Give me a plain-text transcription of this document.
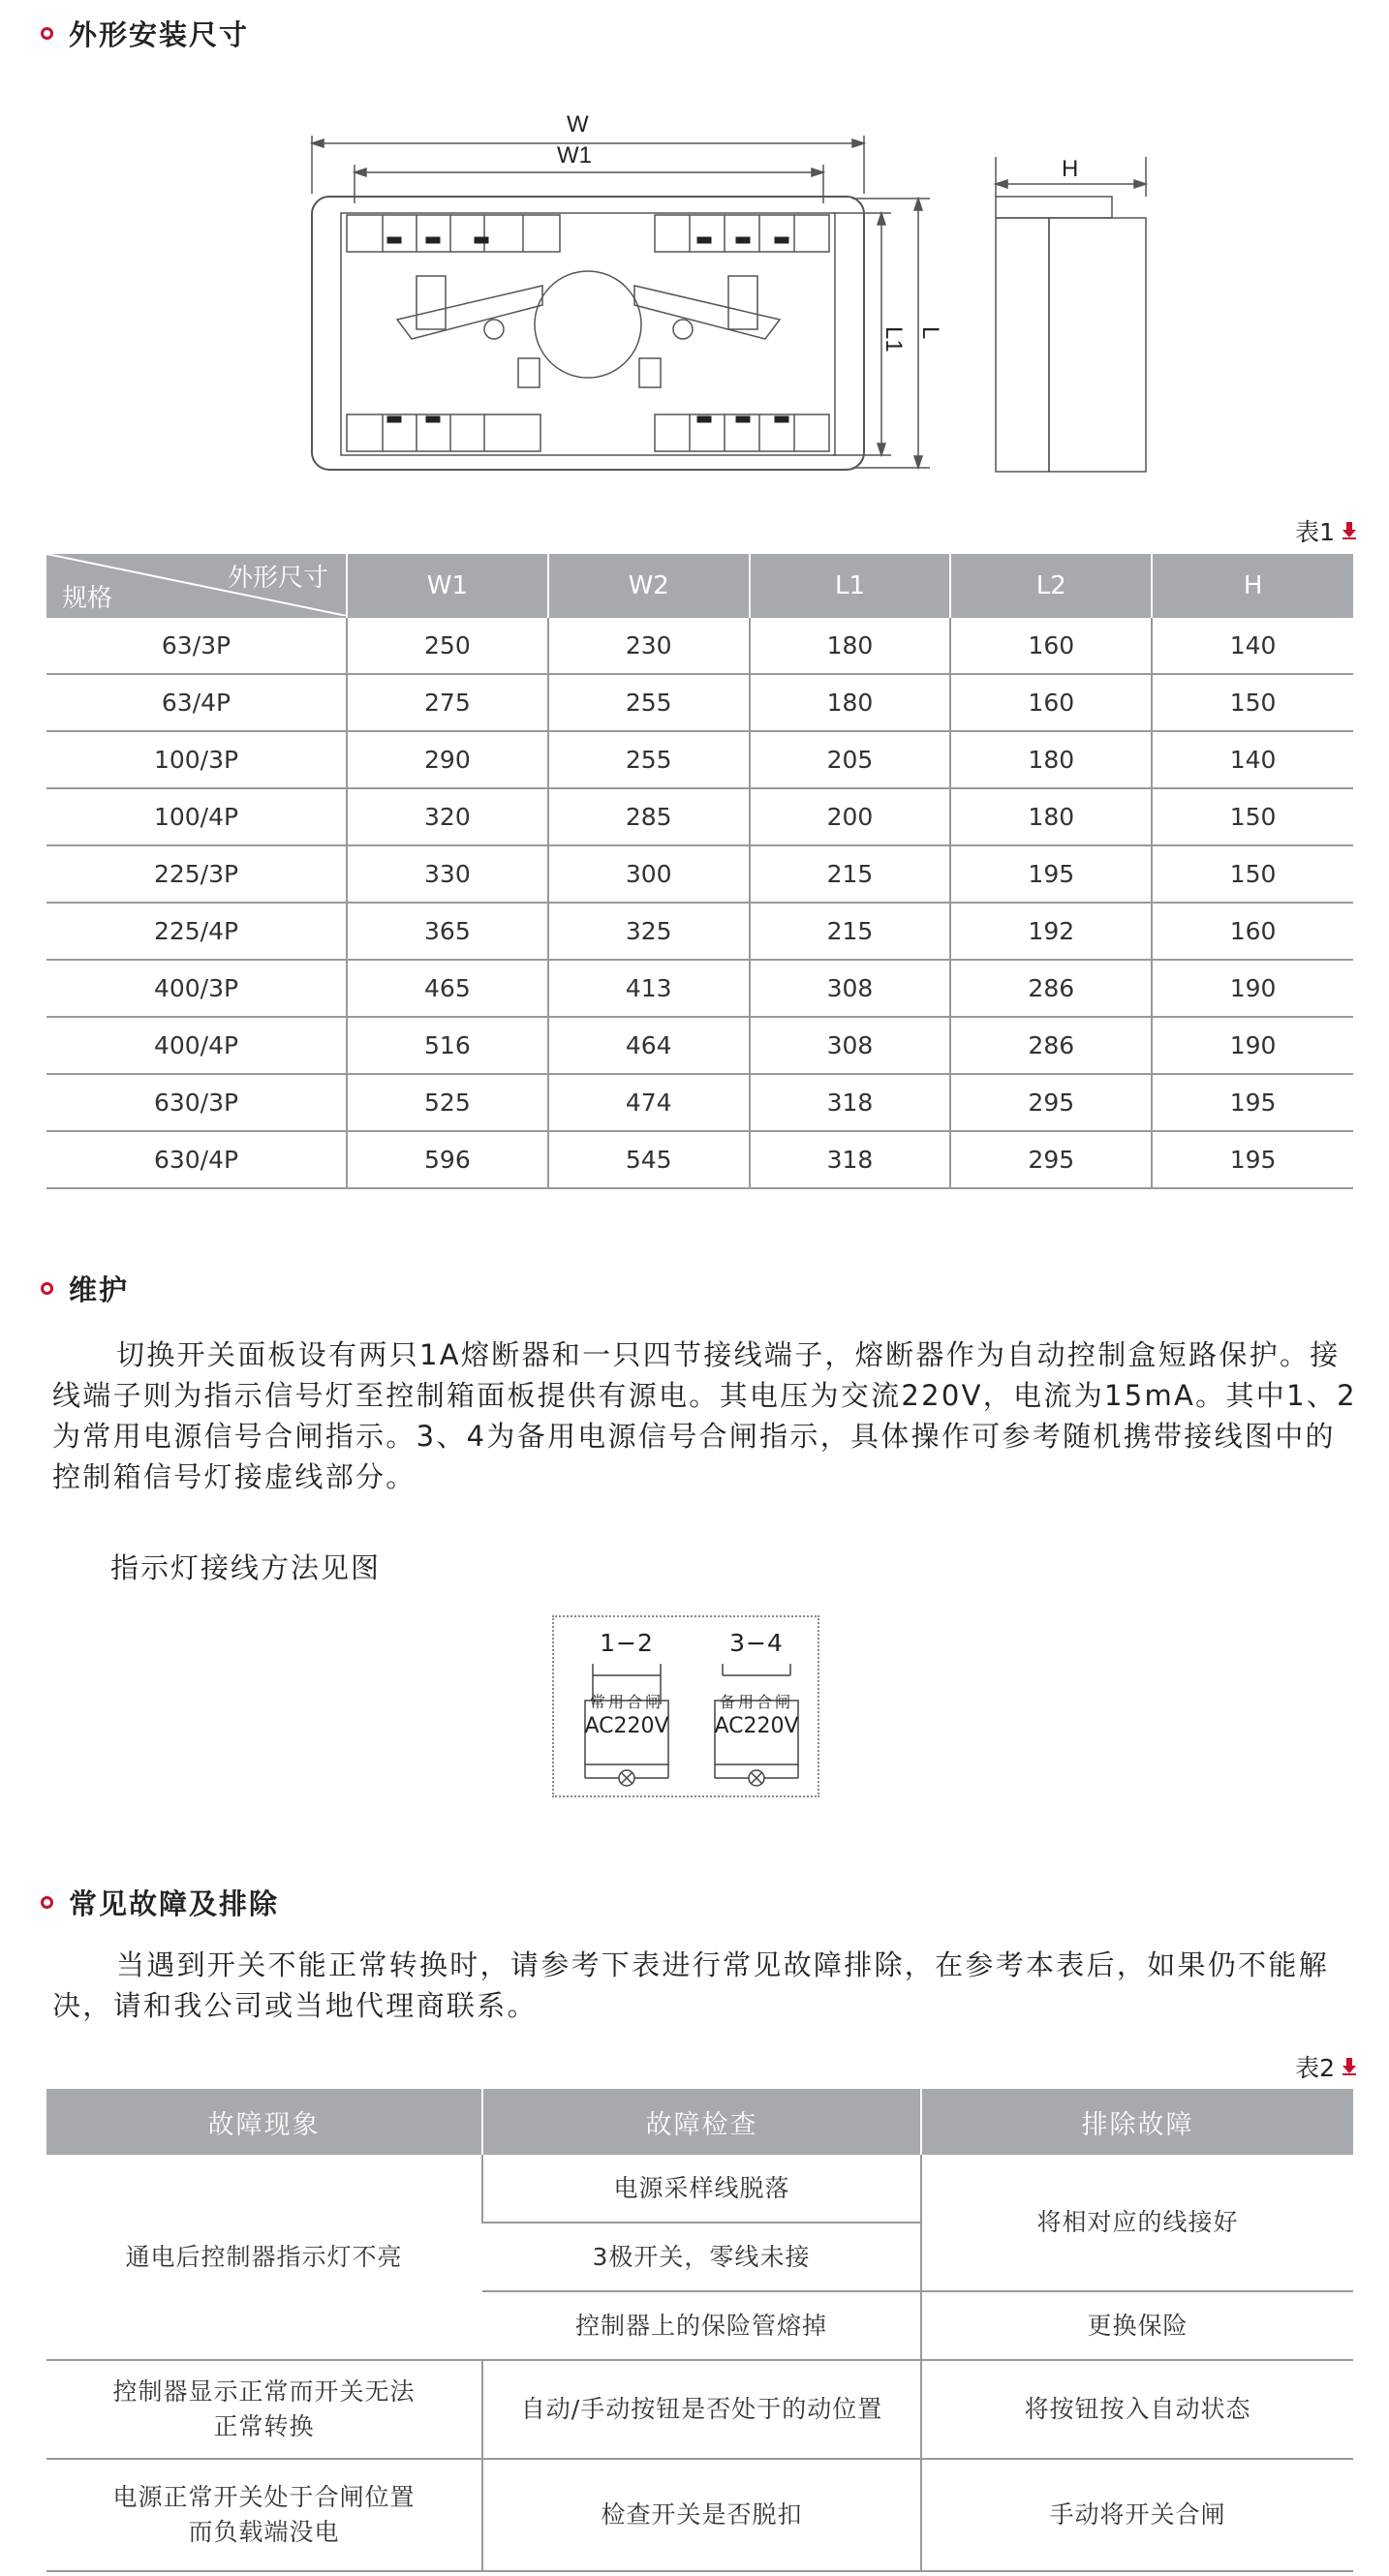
外形安装尺寸
W
W1
L
L1
H
表1
外形尺寸
规格	W1	W2	L1	L2	H
63/3P	250	230	180	160	140
63/4P	275	255	180	160	150
100/3P	290	255	205	180	140
100/4P	320	285	200	180	150
225/3P	330	300	215	195	150
225/4P	365	325	215	192	160
400/3P	465	413	308	286	190
400/4P	516	464	308	286	190
630/3P	525	474	318	295	195
630/4P	596	545	318	295	195
维护
切换开关面板设有两只1A熔断器和一只四节接线端子，熔断器作为自动控制盒短路保护。接线端子则为指示信号灯至控制箱面板提供有源电。其电压为交流220V，电流为15mA。其中1、2为常用电源信号合闸指示。3、4为备用电源信号合闸指示，具体操作可参考随机携带接线图中的控制箱信号灯接虚线部分。
指示灯接线方法见图
1−2
常用合闸
AC220V
3−4
备用合闸
AC220V
常见故障及排除
当遇到开关不能正常转换时，请参考下表进行常见故障排除，在参考本表后，如果仍不能解决，请和我公司或当地代理商联系。
表2
故障现象	故障检查	排除故障
通电后控制器指示灯不亮	电源采样线脱落	将相对应的线接好
	3极开关，零线未接	
	控制器上的保险管熔掉	更换保险

控制器显示正常而开关无法
正常转换	自动/手动按钮是否处于的动位置	将按钮按入自动状态

电源正常开关处于合闸位置
而负载端没电	检查开关是否脱扣	手动将开关合闸
